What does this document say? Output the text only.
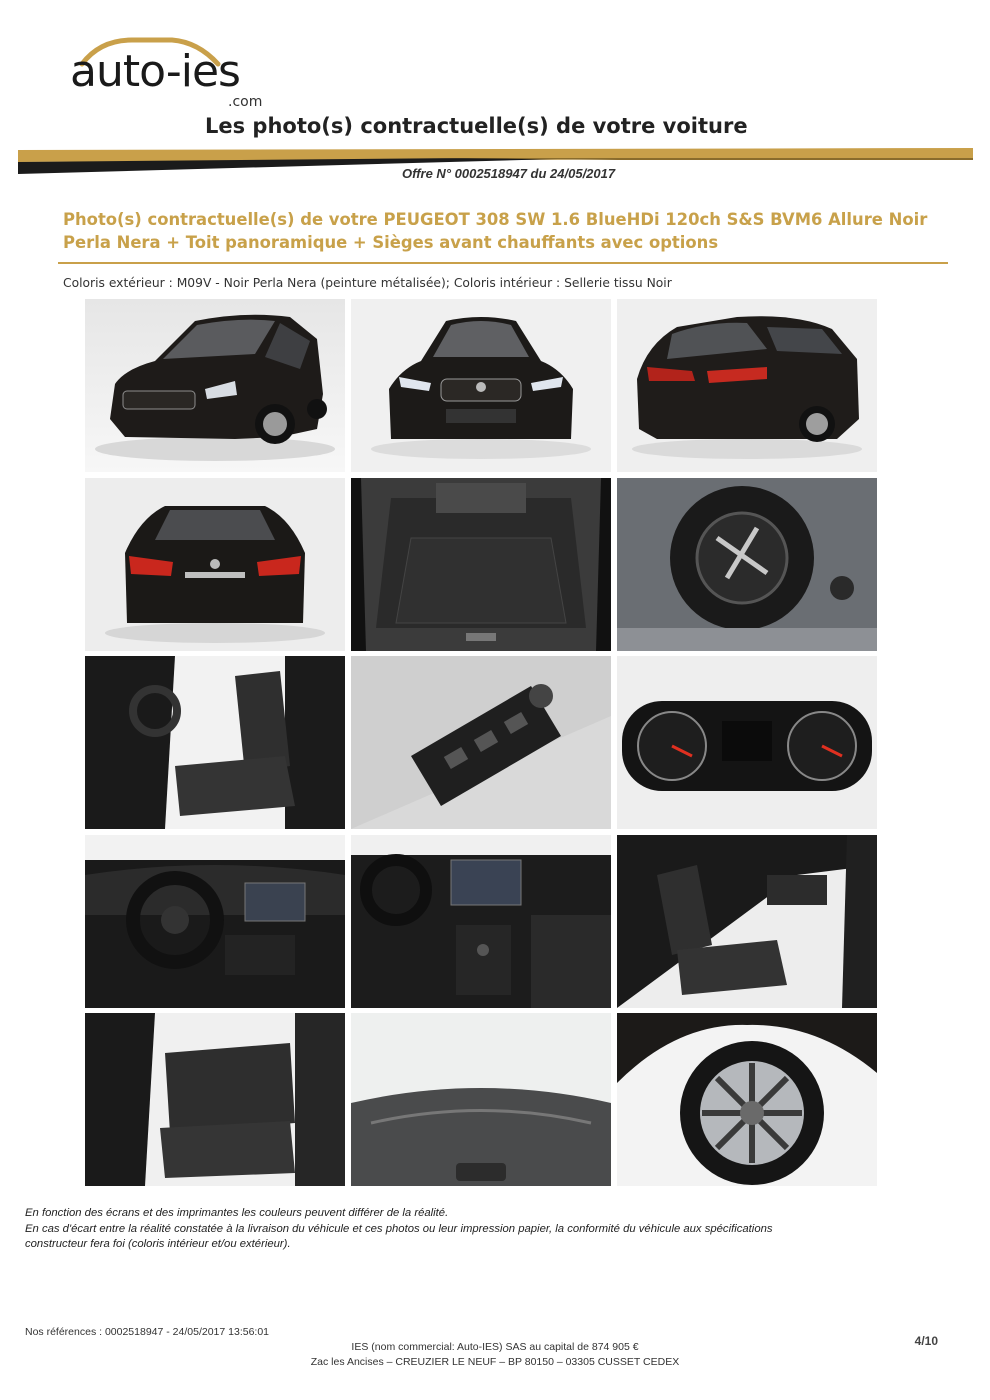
auto-ies
.com
Les photo(s) contractuelle(s) de votre voiture
Offre N° 0002518947 du 24/05/2017
Photo(s) contractuelle(s) de votre PEUGEOT 308 SW 1.6 BlueHDi 120ch S&S BVM6 Allure Noir
Perla Nera + Toit panoramique + Sièges avant chauffants avec options
Coloris extérieur : M09V - Noir Perla Nera (peinture métalisée); Coloris intérieur : Sellerie tissu Noir
En fonction des écrans et des imprimantes les couleurs peuvent différer de la réalité.
En cas d'écart entre la réalité constatée à la livraison du véhicule et ces photos ou leur impression papier, la conformité du véhicule aux spécifications
constructeur fera foi (coloris intérieur et/ou extérieur).
Nos références : 0002518947 - 24/05/2017 13:56:01
4/10
IES (nom commercial: Auto-IES) SAS au capital de 874 905 €
Zac les Ancises – CREUZIER LE NEUF – BP 80150 – 03305 CUSSET CEDEX
